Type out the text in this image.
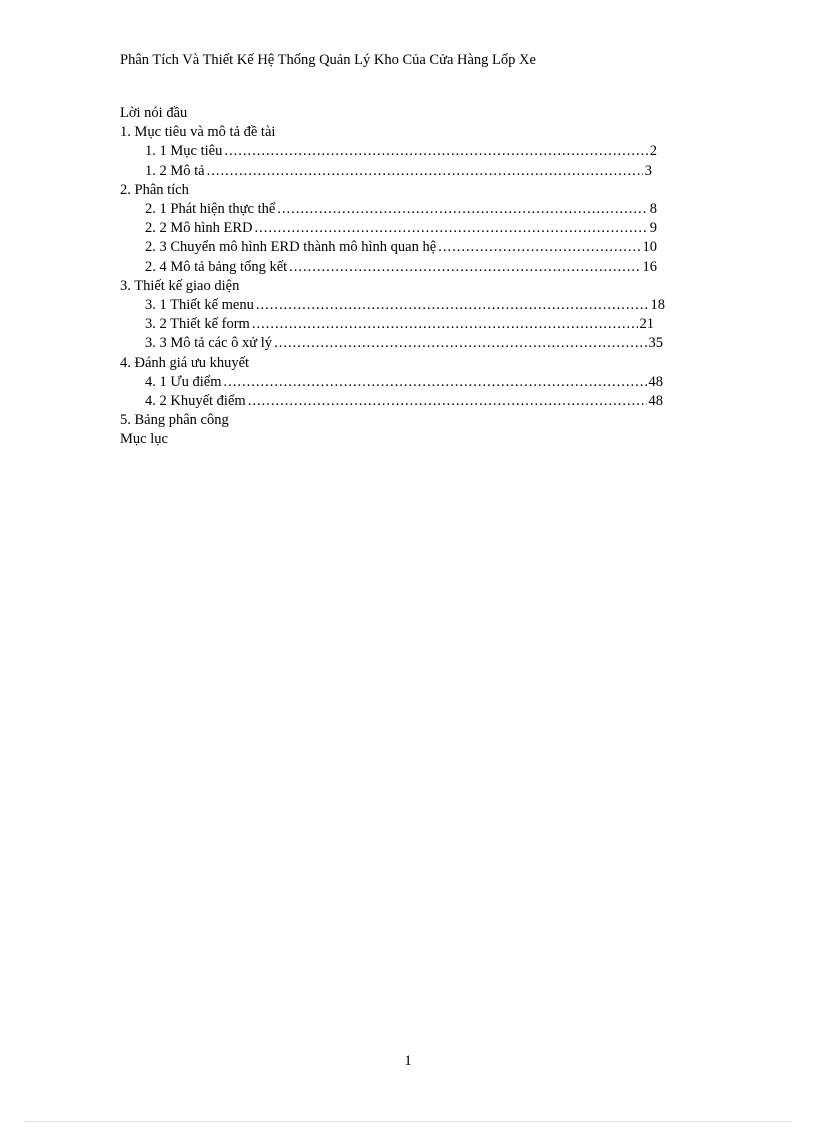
Phân Tích Và Thiết Kế Hệ Thống Quản Lý Kho Của Cửa Hàng Lốp Xe
Lời nói đầu
1. Mục tiêu và mô tả đề tài
1. 1 Mục tiêu .....	2
1. 2 Mô tả .....	3
2. Phân tích
2. 1 Phát hiện thực thể .....	8
2. 2 Mô hình ERD .....	9
2. 3 Chuyển mô hình ERD thành mô hình quan hệ .....	10
2. 4 Mô tả bảng tổng kết .....	16
3. Thiết kế giao diện
3. 1 Thiết kế menu .....	18
3. 2 Thiết kế form .....	21
3. 3 Mô tả các ô xử lý .....	35
4. Đánh giá ưu khuyết
4. 1 Ưu điểm .....	48
4. 2 Khuyết điểm .....	48
5. Bảng phân công
Mục lục
1
